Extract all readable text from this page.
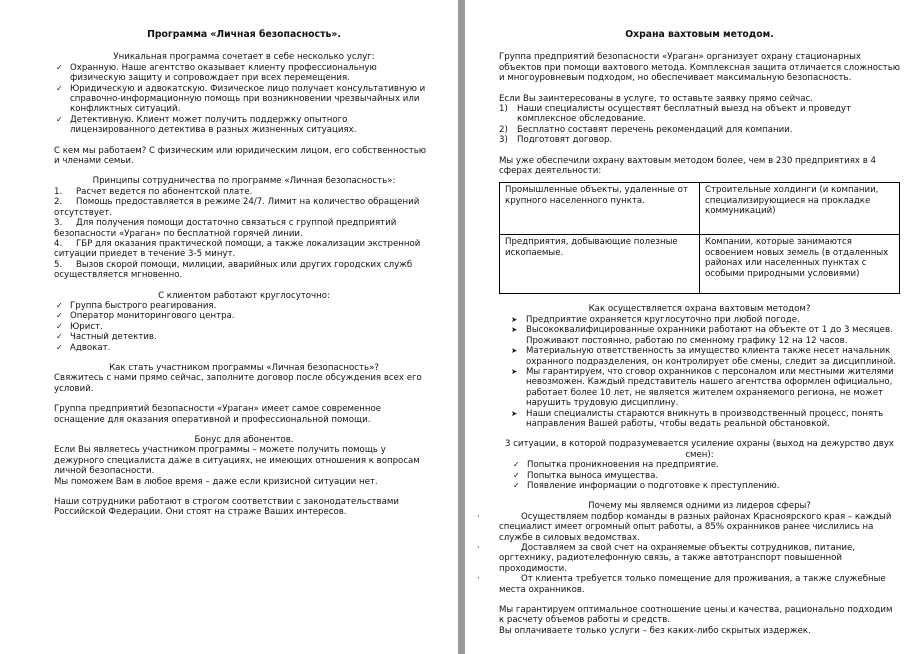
Программа «Личная безопасность».

Уникальная программа сочетает в себе несколько услуг:

✓ Охранную. Наше агентство оказывает клиенту профессиональную физическую защиту и сопровождает при всех перемещения.
✓ Юридическую и адвокатскую. Физическое лицо получает консультативную и справочно-информационную помощь при возникновении чрезвычайных или конфликтных ситуаций.
✓ Детективную. Клиент может получить поддержку опытного лицензированного детектива в разных жизненных ситуациях.

С кем мы работаем? С физическим или юридическим лицом, его собственностью и членами семьи.

Принципы сотрудничества по программе «Личная безопасность»:

1. Расчет ведется по абонентской плате.
2. Помощь предоставляется в режиме 24/7. Лимит на количество обращений отсутствует.
3. Для получения помощи достаточно связаться с группой предприятий безопасности «Ураган» по бесплатной горячей линии.
4. ГБР для оказания практической помощи, а также локализации экстренной ситуации приедет в течение 3-5 минут.
5. Вызов скорой помощи, милиции, аварийных или других городских служб осуществляется мгновенно.

С клиентом работают круглосуточно:

✓ Группа быстрого реагирования.
✓ Оператор мониторингового центра.
✓ Юрист.
✓ Частный детектив.
✓ Адвокат.

Как стать участником программы «Личная безопасность»?

Свяжитесь с нами прямо сейчас, заполните договор после обсуждения всех его условий.

Группа предприятий безопасности «Ураган» имеет самое современное оснащение для оказания оперативной и профессиональной помощи.

Бонус для абонентов.

Если Вы являетесь участником программы – можете получить помощь у дежурного специалиста даже в ситуациях, не имеющих отношения к вопросам личной безопасности.

Мы поможем Вам в любое время – даже если кризисной ситуации нет.

Наши сотрудники работают в строгом соответствии с законодательствами Российской Федерации. Они стоят на страже Ваших интересов.

Охрана вахтовым методом.

Группа предприятий безопасности «Ураган» организует охрану стационарных объектов при помощи вахтового метода. Комплексная защита отличается сложностью и многоуровневым подходом, но обеспечивает максимальную безопасность.

Если Вы заинтересованы в услуге, то оставьте заявку прямо сейчас.

1) Наши специалисты осуществят бесплатный выезд на объект и проведут комплексное обследование.
2) Бесплатно составят перечень рекомендаций для компании.
3) Подготовят договор.

Мы уже обеспечили охрану вахтовым методом более, чем в 230 предприятиях в 4 сферах деятельности:

Промышленные объекты, удаленные от крупного населенного пункта.	Строительные холдинги (и компании, специализирующиеся на прокладке коммуникаций)
Предприятия, добывающие полезные ископаемые.	Компании, которые занимаются освоением новых земель (в отдаленных районах или населенных пунктах с особыми природными условиями)

Как осуществляется охрана вахтовым методом?

➤ Предприятие охраняется круглосуточно при любой погоде.
➤ Высококвалифицированные охранники работают на объекте от 1 до 3 месяцев. Проживают постоянно, работаю по сменному графику 12 на 12 часов.
➤ Материальную ответственность за имущество клиента также несет начальник охранного подразделения, он контролирует обе смены, следит за дисциплиной.
➤ Мы гарантируем, что сговор охранников с персоналом или местными жителями невозможен. Каждый представитель нашего агентства оформлен официально, работает более 10 лет, не является жителем охраняемого региона, не может нарушить трудовую дисциплину.
➤ Наши специалисты стараются вникнуть в производственный процесс, понять направления Вашей работы, чтобы ведать реальной обстановкой.

3 ситуации, в которой подразумевается усиление охраны (выход на дежурство двух смен):

✓ Попытка проникновения на предприятие.
✓ Попытка выноса имущества.
✓ Появление информации о подготовке к преступлению.

Почему мы являемся одними из лидеров сферы?

· Осуществляем подбор команды в разных районах Красноярского края – каждый специалист имеет огромный опыт работы, а 85% охранников ранее числились на службе в силовых ведомствах.
· Доставляем за свой счет на охраняемые объекты сотрудников, питание, оргтехнику, радиотелефонную связь, а также автотранспорт повышенной проходимости.
· От клиента требуется только помещение для проживания, а также служебные места охранников.

Мы гарантируем оптимальное соотношение цены и качества, рационально подходим к расчету объемов работы и средств.

Вы оплачиваете только услуги – без каких-либо скрытых издержек.
